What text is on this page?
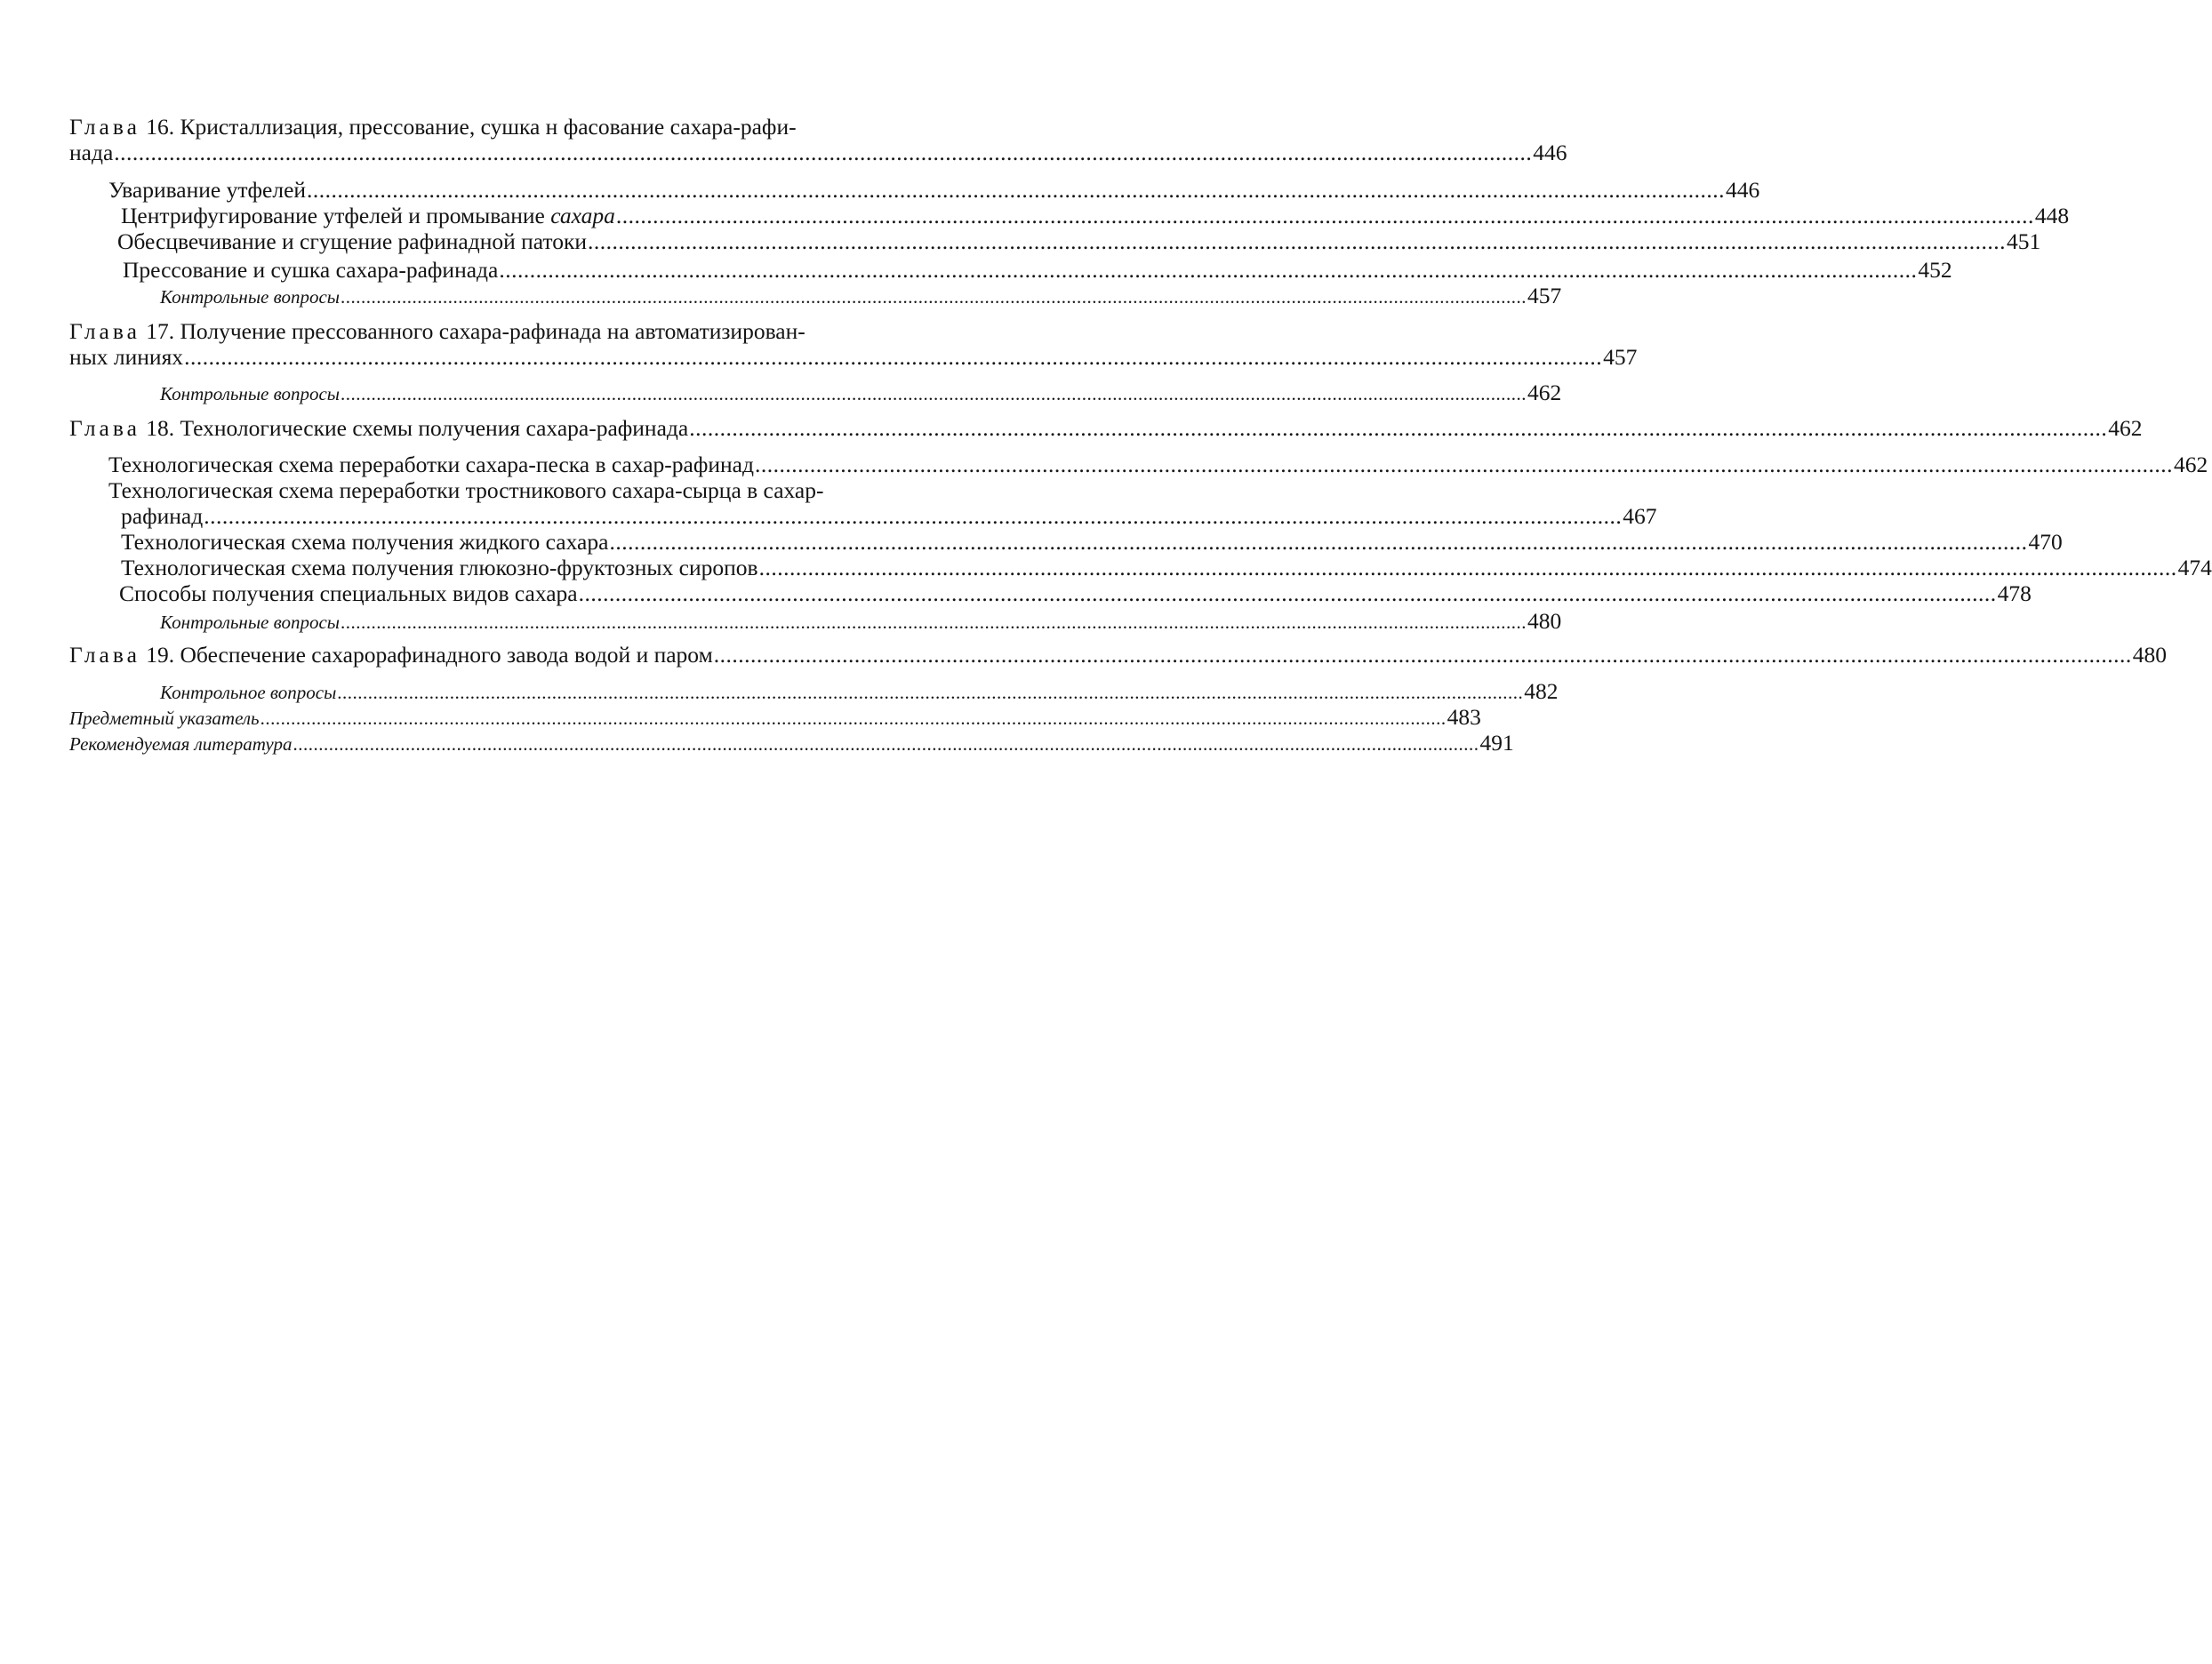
Глава 16. Кристаллизация, прессование, сушка н фасование сахара-рафи-
нада ........................................................................................................................................................................................................................................ 446
Уваривание утфелей ........................................................................................................................................................................................................................................ 446
Центрифугирование утфелей и промывание сахара ........................................................................................................................................................................................................................................ 448
Обесцвечивание и сгущение рафинадной патоки ........................................................................................................................................................................................................................................ 451
Прессование и сушка сахара-рафинада ........................................................................................................................................................................................................................................ 452
Контрольные вопросы ........................................................................................................................................................................................................................................ 457
Глава 17. Получение прессованного сахара-рафинада на автоматизирован-
ных линиях ........................................................................................................................................................................................................................................ 457
Контрольные вопросы ........................................................................................................................................................................................................................................ 462
Глава 18. Технологические схемы получения сахара-рафинада ........................................................................................................................................................................................................................................ 462
Технологическая схема переработки сахара-песка в сахар-рафинад ........................................................................................................................................................................................................................................ 462
Технологическая схема переработки тростникового сахара-сырца в сахар-
рафинад ........................................................................................................................................................................................................................................ 467
Технологическая схема получения жидкого сахара ........................................................................................................................................................................................................................................ 470
Технологическая схема получения глюкозно-фруктозных сиропов ........................................................................................................................................................................................................................................ 474
Способы получения специальных видов сахара ........................................................................................................................................................................................................................................ 478
Контрольные вопросы ........................................................................................................................................................................................................................................ 480
Глава 19. Обеспечение сахарорафинадного завода водой и паром ........................................................................................................................................................................................................................................ 480
Контрольное вопросы ........................................................................................................................................................................................................................................ 482
Предметный указатель ........................................................................................................................................................................................................................................ 483
Рекомендуемая литература ........................................................................................................................................................................................................................................ 491
